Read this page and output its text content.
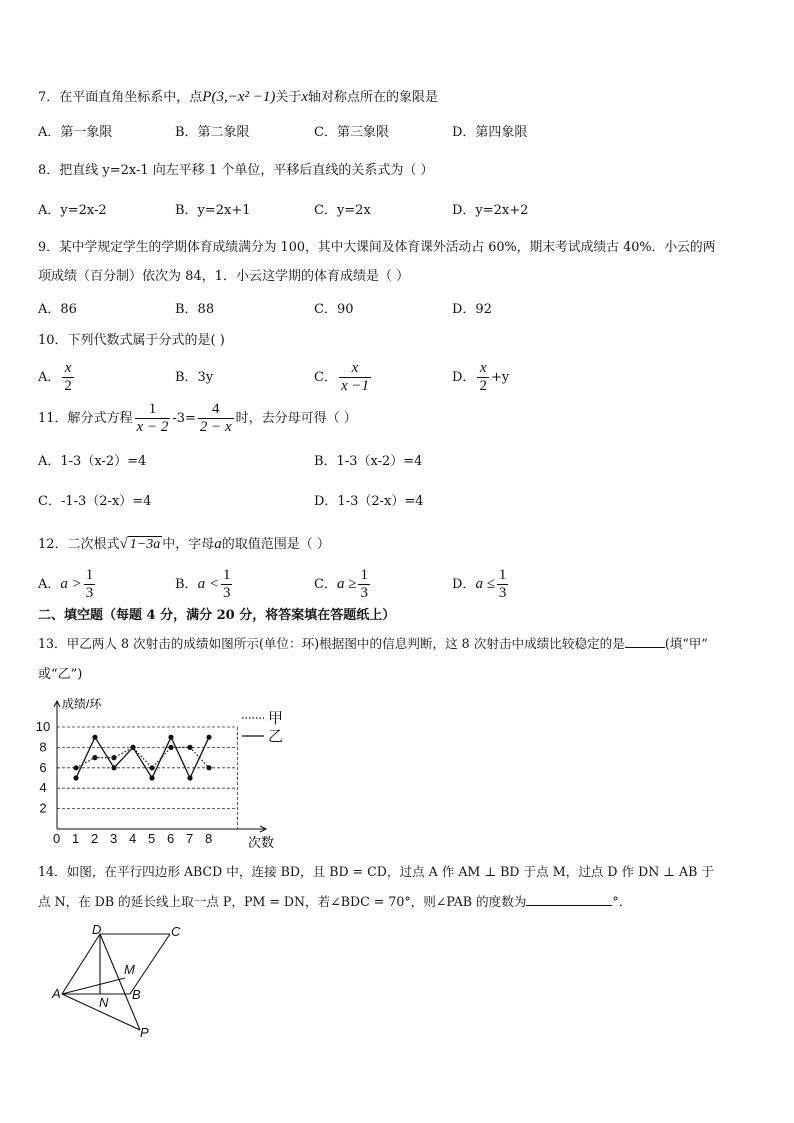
7．在平面直角坐标系中，点P(3,−x² −1)关于x轴对称点所在的象限是
A．第一象限	B．第二象限	C．第三象限	D．第四象限
8．把直线 y=2x-1 向左平移 1 个单位，平移后直线的关系式为（ ）
A．y=2x-2	B．y=2x+1	C．y=2x	D．y=2x+2
9．某中学规定学生的学期体育成绩满分为 100，其中大课间及体育课外活动占 60%，期末考试成绩古 40%．小云的两
项成绩（百分制）依次为 84，1．小云这学期的体育成绩是（ ）
A．86	B．88	C．90	D．92
10．下列代数式属于分式的是( )
A． $\frac{x}{2}$	B．3y	C． $\frac{x}{x -1}$	D． $\frac{x}{2} +y$
11．解分式方程 $\frac{1}{x - 2} -3= \frac{4}{2 - x}$ 时，去分母可得（ ）
A．1-3（x-2）=4	B．1-3（x-2）=4
C．-1-3（2-x）=4	D．1-3（2-x）=4
12．二次根式√ 1−3a 中，字母a的取值范围是（ ）
A．$a > \frac{1}{3}$	B．$a < \frac{1}{3}$	C．$a \ge \frac{1}{3}$	D．$a \le \frac{1}{3}$
二、填空题（每题 4 分，满分 20 分，将答案填在答题纸上）
13．甲乙两人 8 次射击的成绩如图所示(单位：环)根据图中的信息判断，这 8 次射击中成绩比较稳定的是	(填“甲”
或“乙”)
0 1 2 3 4 5 6 7 8
2
4
6
8
10	甲
乙
成绩/环
次数
14．如图，在平行四边形 ABCD 中，连接 BD，且 BD = CD，过点 A 作 AM ⊥ BD 于点 M，过点 D 作 DN ⊥ AB 于
点 N，在 DB 的延长线上取一点 P，PM = DN，若∠BDC = 70°，则∠PAB 的度数为	°．
D	C
M
A
N
B
P
